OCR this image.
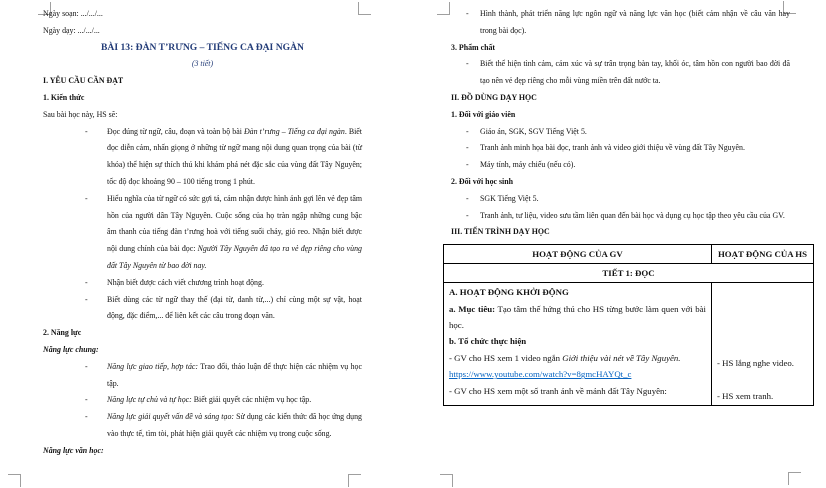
Ngày soạn: .../.../...

Ngày dạy: .../.../...

BÀI 13: ĐÀN T’RƯNG – TIẾNG CA ĐẠI NGÀN

(3 tiết)

I. YÊU CẦU CẦN ĐẠT

1. Kiến thức

Sau bài học này, HS sẽ:

-	Đọc đúng từ ngữ, câu, đoạn và toàn bộ bài Đàn t’rưng – Tiếng ca đại ngàn. Biết đọc diễn cảm, nhấn giọng ở những từ ngữ mang nội dung quan trọng của bài (từ khóa) thể hiện sự thích thú khi khám phá nét đặc sắc của vùng đất Tây Nguyên; tốc độ đọc khoảng 90 – 100 tiếng trong 1 phút.
-	Hiểu nghĩa của từ ngữ có sức gợi tả, cảm nhận được hình ảnh gợi lên vẻ đẹp tâm hồn của người dân Tây Nguyên. Cuộc sống của họ tràn ngập những cung bậc âm thanh của tiếng đàn t’rưng hoà với tiếng suối chảy, gió reo. Nhận biết được nội dung chính của bài đọc: Người Tây Nguyên đã tạo ra vẻ đẹp riêng cho vùng đất Tây Nguyên từ bao đời nay.
-	Nhận biết được cách viết chương trình hoạt động.
-	Biết dùng các từ ngữ thay thế (đại từ, danh từ,...) chỉ cùng một sự vật, hoạt động, đặc điểm,... để liên kết các câu trong đoạn văn.

2. Năng lực

Năng lực chung:

-	Năng lực giao tiếp, hợp tác: Trao đổi, thảo luận để thực hiện các nhiệm vụ học tập.
-	Năng lực tự chủ và tự học: Biết giải quyết các nhiệm vụ học tập.
-	Năng lực giải quyết vấn đề và sáng tạo: Sử dụng các kiến thức đã học ứng dụng vào thực tế, tìm tòi, phát hiện giải quyết các nhiệm vụ trong cuộc sống.

Năng lực văn học:

-	Hình thành, phát triển năng lực ngôn ngữ và năng lực văn học (biết cảm nhận về câu văn hay trong bài đọc).

3. Phẩm chất

-	Biết thể hiện tình cảm, cảm xúc và sự trân trọng bàn tay, khối óc, tâm hồn con người bao đời đã tạo nên vẻ đẹp riêng cho mỗi vùng miền trên đất nước ta.

II. ĐỒ DÙNG DẠY HỌC

1. Đối với giáo viên

-	Giáo án, SGK, SGV Tiếng Việt 5.
-	Tranh ảnh minh họa bài đọc, tranh ảnh và video giới thiệu về vùng đất Tây Nguyên.
-	Máy tính, máy chiếu (nếu có).

2. Đối với học sinh

-	SGK Tiếng Việt 5.
-	Tranh ảnh, tư liệu, video sưu tầm liên quan đến bài học và dụng cụ học tập theo yêu cầu của GV.

III. TIẾN TRÌNH DẠY HỌC

HOẠT ĐỘNG CỦA GV	HOẠT ĐỘNG CỦA HS
TIẾT 1: ĐỌC	

A. HOẠT ĐỘNG KHỞI ĐỘNG

a. Mục tiêu: Tạo tâm thế hứng thú cho HS từng bước làm quen với bài học.

b. Tổ chức thực hiện

- GV cho HS xem 1 video ngắn Giới thiệu vài nét về Tây Nguyên.

https://www.youtube.com/watch?v=8gmcHAYQt_c

- GV cho HS xem một số tranh ảnh về mảnh đất Tây Nguyên:

- HS lắng nghe video.

- HS xem tranh.
